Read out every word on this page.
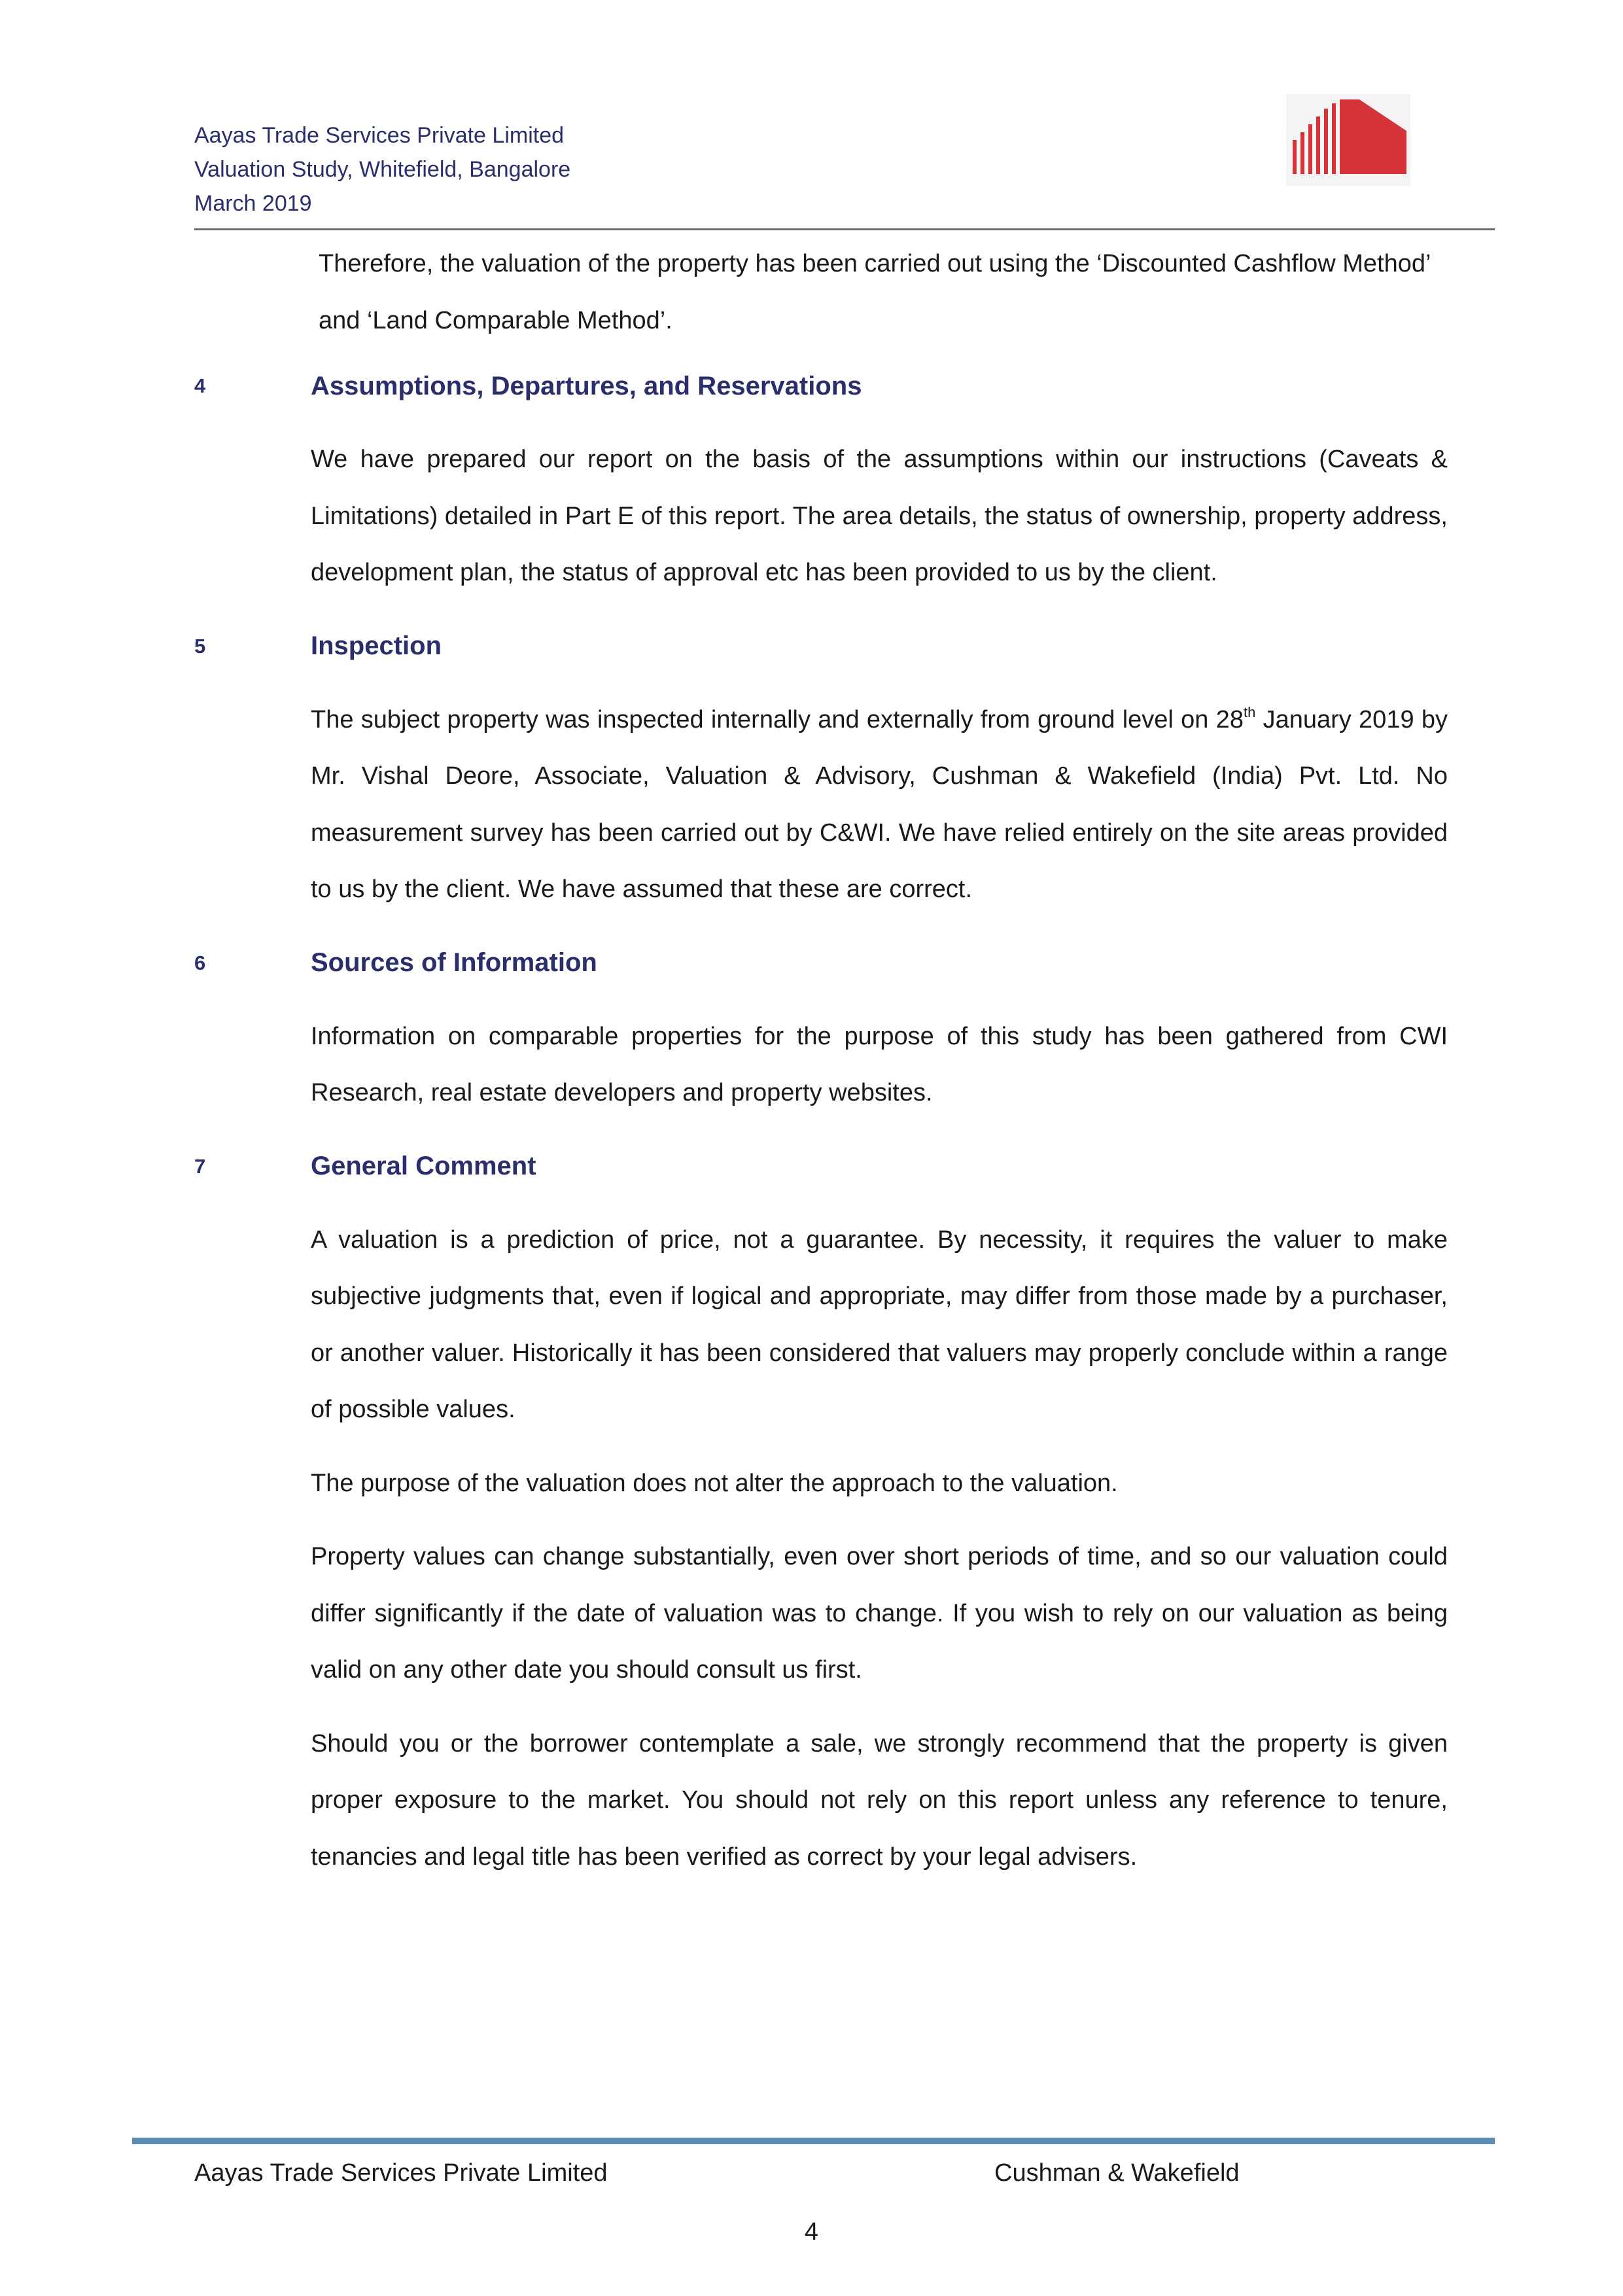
Aayas Trade Services Private Limited
Valuation Study, Whitefield, Bangalore
March 2019

Therefore, the valuation of the property has been carried out using the ‘Discounted Cashflow Method’ and ‘Land Comparable Method’.

4	Assumptions, Departures, and Reservations

We have prepared our report on the basis of the assumptions within our instructions (Caveats & Limitations) detailed in Part E of this report. The area details, the status of ownership, property address, development plan, the status of approval etc has been provided to us by the client.

5	Inspection

The subject property was inspected internally and externally from ground level on 28th January 2019 by Mr. Vishal Deore, Associate, Valuation & Advisory, Cushman & Wakefield (India) Pvt. Ltd. No measurement survey has been carried out by C&WI. We have relied entirely on the site areas provided to us by the client. We have assumed that these are correct.

6	Sources of Information

Information on comparable properties for the purpose of this study has been gathered from CWI Research, real estate developers and property websites.

7	General Comment

A valuation is a prediction of price, not a guarantee. By necessity, it requires the valuer to make subjective judgments that, even if logical and appropriate, may differ from those made by a purchaser, or another valuer. Historically it has been considered that valuers may properly conclude within a range of possible values.

The purpose of the valuation does not alter the approach to the valuation.

Property values can change substantially, even over short periods of time, and so our valuation could differ significantly if the date of valuation was to change. If you wish to rely on our valuation as being valid on any other date you should consult us first.

Should you or the borrower contemplate a sale, we strongly recommend that the property is given proper exposure to the market. You should not rely on this report unless any reference to tenure, tenancies and legal title has been verified as correct by your legal advisers.

Aayas Trade Services Private Limited	Cushman & Wakefield
4
